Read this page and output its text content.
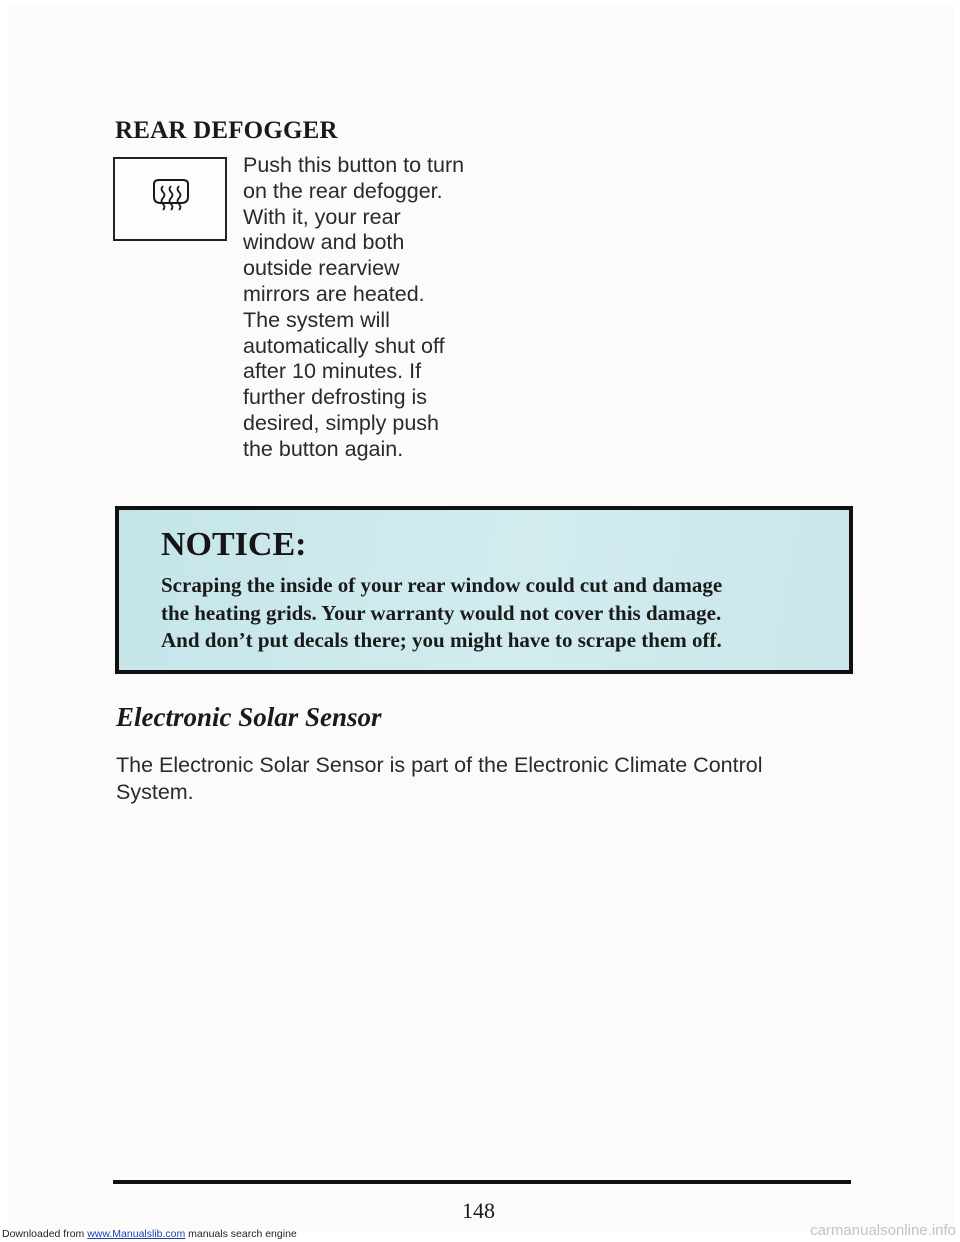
REAR DEFOGGER

Push this button to turn
on the rear defogger.
With it, your rear
window and both
outside rearview
mirrors are heated.
The system will
automatically shut off
after 10 minutes. If
further defrosting is
desired, simply push
the button again.

NOTICE:

Scraping the inside of your rear window could cut and damage
the heating grids. Your warranty would not cover this damage.
And don’t put decals there; you might have to scrape them off.

Electronic Solar Sensor

The Electronic Solar Sensor is part of the Electronic Climate Control System.

148
Downloaded from www.Manualslib.com manuals search engine	carmanualsonline.info
